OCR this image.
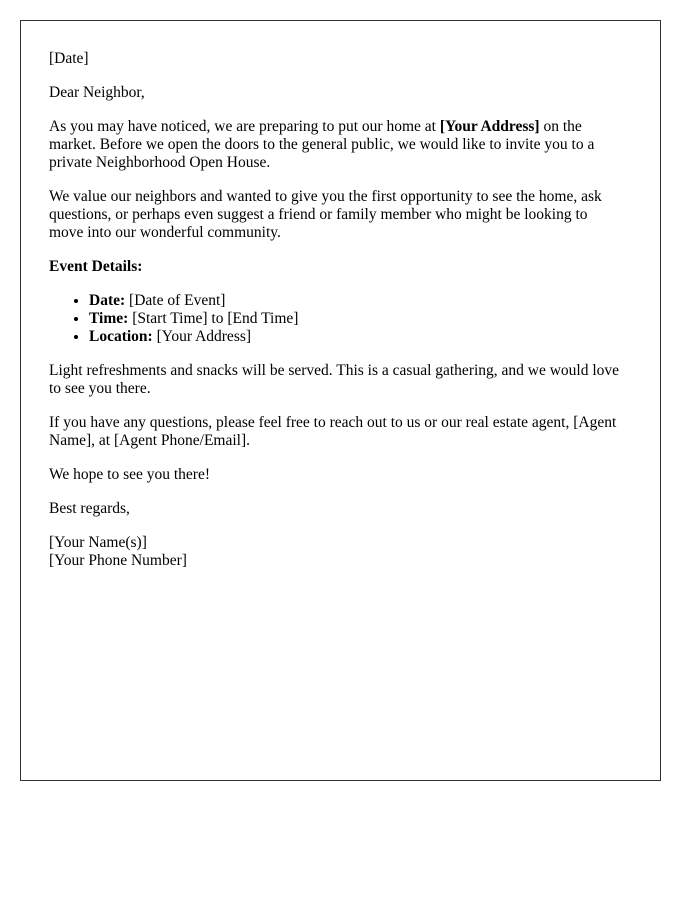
[Date]

Dear Neighbor,

As you may have noticed, we are preparing to put our home at [Your Address] on the market. Before we open the doors to the general public, we would like to invite you to a private Neighborhood Open House.

We value our neighbors and wanted to give you the first opportunity to see the home, ask questions, or perhaps even suggest a friend or family member who might be looking to move into our wonderful community.

Event Details:

• Date: [Date of Event]
• Time: [Start Time] to [End Time]
• Location: [Your Address]

Light refreshments and snacks will be served. This is a casual gathering, and we would love to see you there.

If you have any questions, please feel free to reach out to us or our real estate agent, [Agent Name], at [Agent Phone/Email].

We hope to see you there!

Best regards,

[Your Name(s)]
[Your Phone Number]
